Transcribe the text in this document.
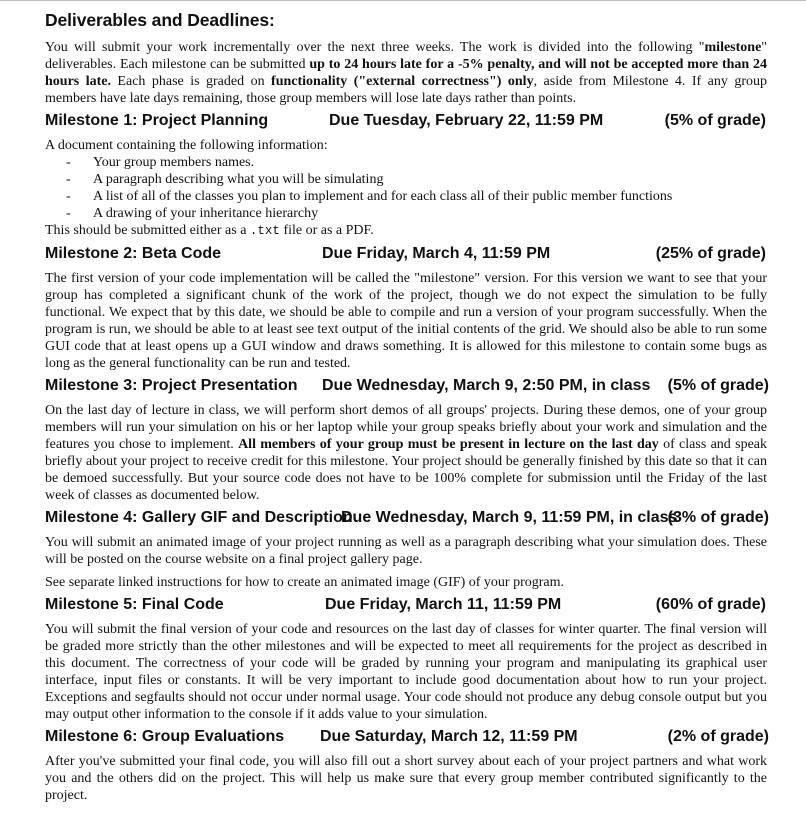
Deliverables and Deadlines:

You will submit your work incrementally over the next three weeks. The work is divided into the following "milestone" deliverables. Each milestone can be submitted up to 24 hours late for a -5% penalty, and will not be accepted more than 24 hours late. Each phase is graded on functionality ("external correctness") only, aside from Milestone 4. If any group members have late days remaining, those group members will lose late days rather than points.

Milestone 1: Project Planning	Due Tuesday, February 22, 11:59 PM	(5% of grade)
A document containing the following information:
- Your group members names.
- A paragraph describing what you will be simulating
- A list of all of the classes you plan to implement and for each class all of their public member functions
- A drawing of your inheritance hierarchy

This should be submitted either as a .txt file or as a PDF.

Milestone 2: Beta Code	Due Friday, March 4, 11:59 PM	(25% of grade)

The first version of your code implementation will be called the "milestone" version. For this version we want to see that your group has completed a significant chunk of the work of the project, though we do not expect the simulation to be fully functional. We expect that by this date, we should be able to compile and run a version of your program successfully. When the program is run, we should be able to at least see text output of the initial contents of the grid. We should also be able to run some GUI code that at least opens up a GUI window and draws something. It is allowed for this milestone to contain some bugs as long as the general functionality can be run and tested.

Milestone 3: Project Presentation Due Wednesday, March 9, 2:50 PM, in class (5% of grade)

On the last day of lecture in class, we will perform short demos of all groups' projects. During these demos, one of your group members will run your simulation on his or her laptop while your group speaks briefly about your work and simulation and the features you chose to implement. All members of your group must be present in lecture on the last day of class and speak briefly about your project to receive credit for this milestone. Your project should be generally finished by this date so that it can be demoed successfully. But your source code does not have to be 100% complete for submission until the Friday of the last week of classes as documented below.

Milestone 4: Gallery GIF and Description
Due Wednesday, March 9, 11:59 PM, in class
(3% of grade)

You will submit an animated image of your project running as well as a paragraph describing what your simulation does. These will be posted on the course website on a final project gallery page.

See separate linked instructions for how to create an animated image (GIF) of your program.

Milestone 5: Final Code	Due Friday, March 11, 11:59 PM	(60% of grade)

You will submit the final version of your code and resources on the last day of classes for winter quarter. The final version will be graded more strictly than the other milestones and will be expected to meet all requirements for the project as described in this document. The correctness of your code will be graded by running your program and manipulating its graphical user interface, input files or constants. It will be very important to include good documentation about how to run your project. Exceptions and segfaults should not occur under normal usage. Your code should not produce any debug console output but you may output other information to the console if it adds value to your simulation.

Milestone 6: Group Evaluations Due Saturday, March 12, 11:59 PM	(2% of grade)

After you've submitted your final code, you will also fill out a short survey about each of your project partners and what work you and the others did on the project. This will help us make sure that every group member contributed significantly to the project.
